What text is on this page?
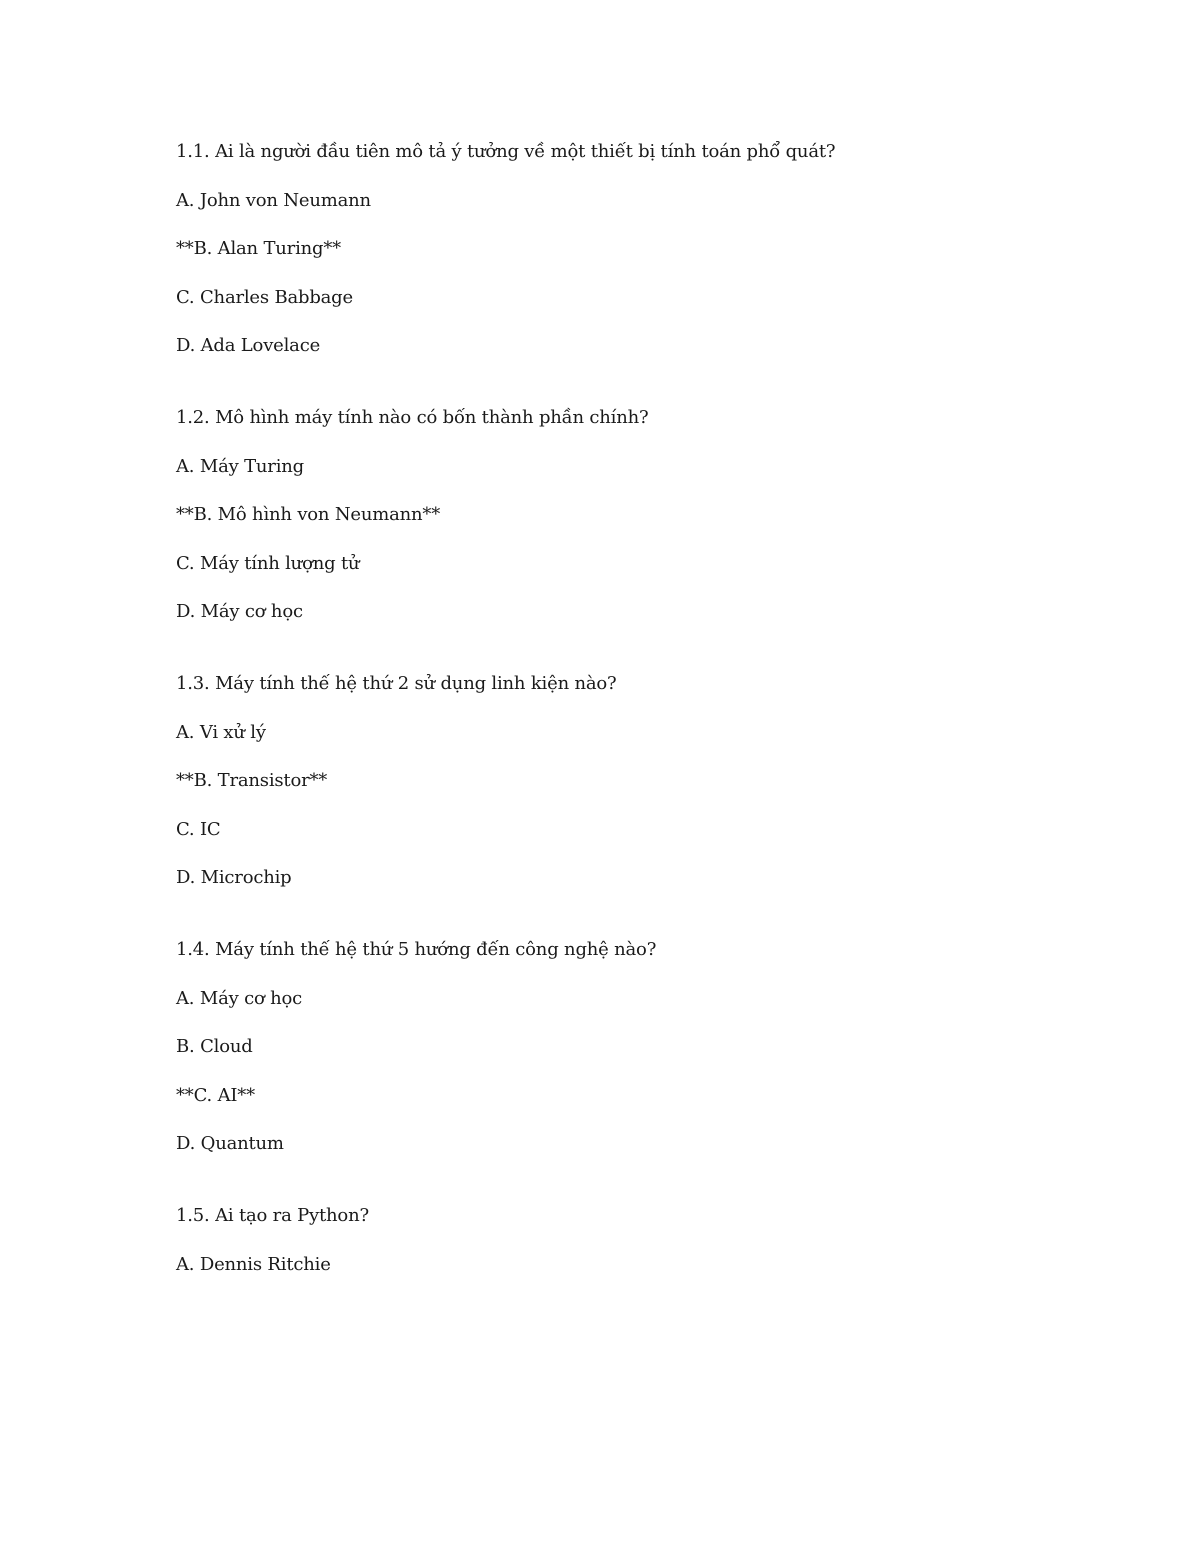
1.1. Ai là người đầu tiên mô tả ý tưởng về một thiết bị tính toán phổ quát?

A. John von Neumann

**B. Alan Turing**

C. Charles Babbage

D. Ada Lovelace

1.2. Mô hình máy tính nào có bốn thành phần chính?

A. Máy Turing

**B. Mô hình von Neumann**

C. Máy tính lượng tử

D. Máy cơ học

1.3. Máy tính thế hệ thứ 2 sử dụng linh kiện nào?

A. Vi xử lý

**B. Transistor**

C. IC

D. Microchip

1.4. Máy tính thế hệ thứ 5 hướng đến công nghệ nào?

A. Máy cơ học

B. Cloud

**C. AI**

D. Quantum

1.5. Ai tạo ra Python?

A. Dennis Ritchie
